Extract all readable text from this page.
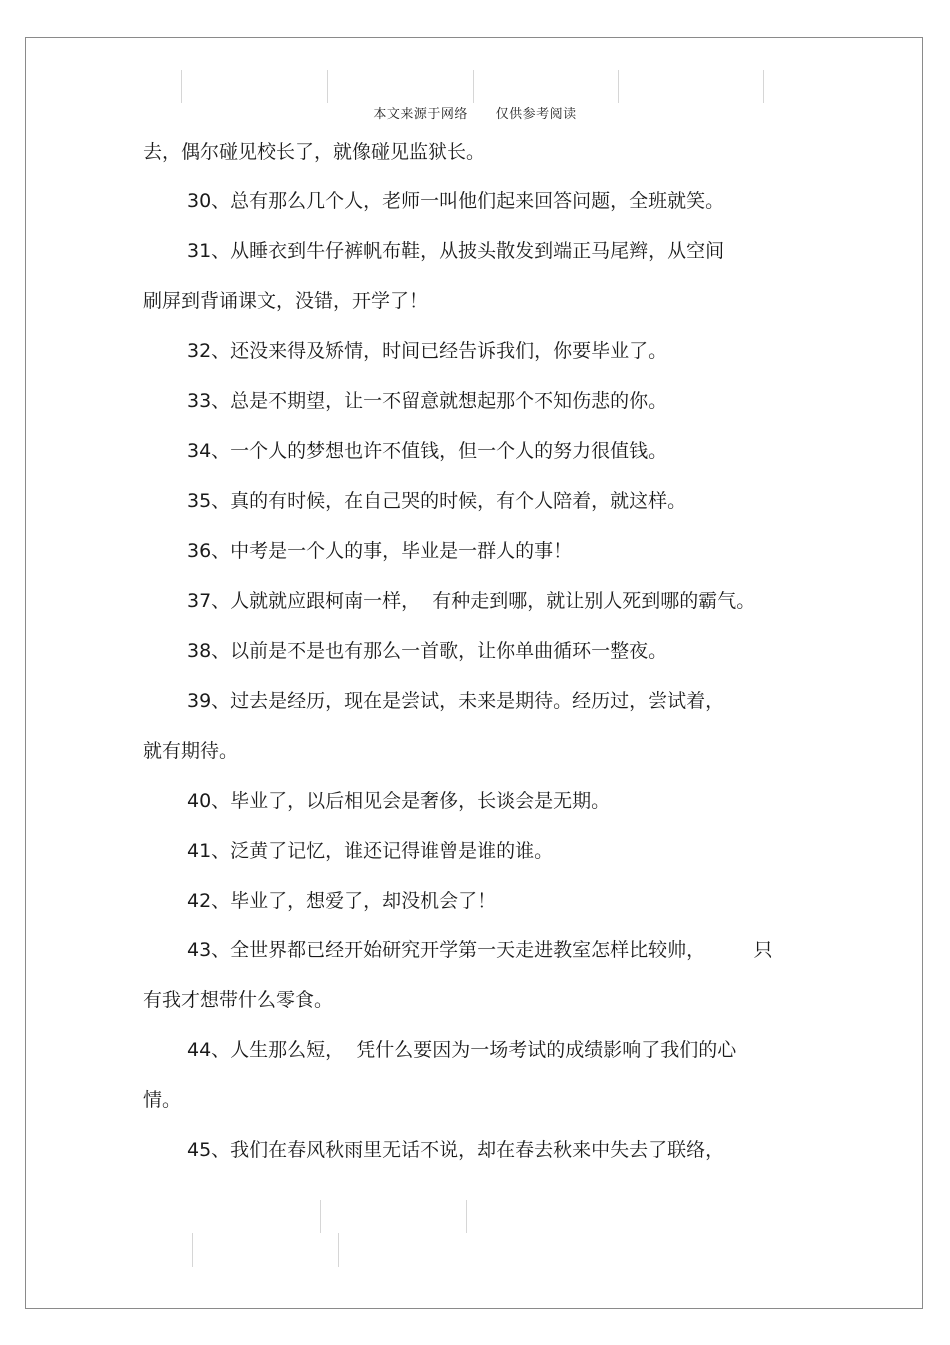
本文来源于网络      仅供参考阅读
去，偶尔碰见校长了，就像碰见监狱长。
30、总有那么几个人，老师一叫他们起来回答问题，全班就笑。
31、从睡衣到牛仔裤帆布鞋，从披头散发到端正马尾辫，从空间
刷屏到背诵课文，没错，开学了！
32、还没来得及矫情，时间已经告诉我们，你要毕业了。
33、总是不期望，让一不留意就想起那个不知伤悲的你。
34、一个人的梦想也许不值钱，但一个人的努力很值钱。
35、真的有时候，在自己哭的时候，有个人陪着，就这样。
36、中考是一个人的事，毕业是一群人的事！
37、人就就应跟柯南一样，  有种走到哪，就让别人死到哪的霸气。
38、以前是不是也有那么一首歌，让你单曲循环一整夜。
39、过去是经历，现在是尝试，未来是期待。经历过，尝试着，
就有期待。
40、毕业了，以后相见会是奢侈，长谈会是无期。
41、泛黄了记忆，谁还记得谁曾是谁的谁。
42、毕业了，想爱了，却没机会了！
43、全世界都已经开始研究开学第一天走进教室怎样比较帅，        只
有我才想带什么零食。
44、人生那么短，  凭什么要因为一场考试的成绩影响了我们的心
情。
45、我们在春风秋雨里无话不说，却在春去秋来中失去了联络，
